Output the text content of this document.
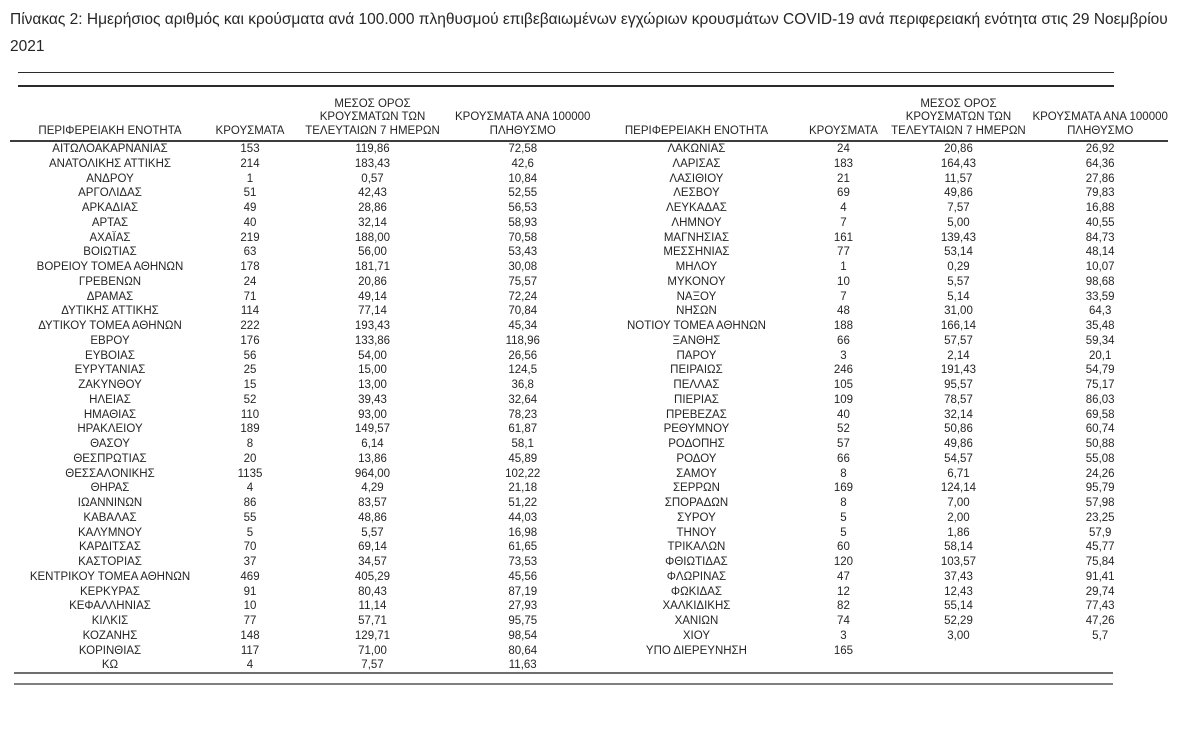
Πίνακας 2: Ημερήσιος αριθμός και κρούσματα ανά 100.000 πληθυσμού επιβεβαιωμένων εγχώριων κρουσμάτων COVID-19 ανά περιφερειακή ενότητα στις 29 Νοεμβρίου 2021
ΠΕΡΙΦΕΡΕΙΑΚΗ ΕΝΟΤΗΤΑ	ΚΡΟΥΣΜΑΤΑ	
ΜΕΣΟΣ ΟΡΟΣ
ΚΡΟΥΣΜΑΤΩΝ ΤΩΝ
ΤΕΛΕΥΤΑΙΩΝ 7 ΗΜΕΡΩΝ

ΚΡΟΥΣΜΑΤΑ ΑΝΑ 100000
ΠΛΗΘΥΣΜΟ

ΑΙΤΩΛΟΑΚΑΡΝΑΝΙΑΣ	153	119,86	72,58
ΑΝΑΤΟΛΙΚΗΣ ΑΤΤΙΚΗΣ	214	183,43	42,6
ΑΝΔΡΟΥ	1	0,57	10,84
ΑΡΓΟΛΙΔΑΣ	51	42,43	52,55
ΑΡΚΑΔΙΑΣ	49	28,86	56,53
ΑΡΤΑΣ	40	32,14	58,93
ΑΧΑΪΑΣ	219	188,00	70,58
ΒΟΙΩΤΙΑΣ	63	56,00	53,43
ΒΟΡΕΙΟΥ ΤΟΜΕΑ ΑΘΗΝΩΝ	178	181,71	30,08
ΓΡΕΒΕΝΩΝ	24	20,86	75,57
ΔΡΑΜΑΣ	71	49,14	72,24
ΔΥΤΙΚΗΣ ΑΤΤΙΚΗΣ	114	77,14	70,84
ΔΥΤΙΚΟΥ ΤΟΜΕΑ ΑΘΗΝΩΝ	222	193,43	45,34
ΕΒΡΟΥ	176	133,86	118,96
ΕΥΒΟΙΑΣ	56	54,00	26,56
ΕΥΡΥΤΑΝΙΑΣ	25	15,00	124,5
ΖΑΚΥΝΘΟΥ	15	13,00	36,8
ΗΛΕΙΑΣ	52	39,43	32,64
ΗΜΑΘΙΑΣ	110	93,00	78,23
ΗΡΑΚΛΕΙΟΥ	189	149,57	61,87
ΘΑΣΟΥ	8	6,14	58,1
ΘΕΣΠΡΩΤΙΑΣ	20	13,86	45,89
ΘΕΣΣΑΛΟΝΙΚΗΣ	1135	964,00	102,22
ΘΗΡΑΣ	4	4,29	21,18
ΙΩΑΝΝΙΝΩΝ	86	83,57	51,22
ΚΑΒΑΛΑΣ	55	48,86	44,03
ΚΑΛΥΜΝΟΥ	5	5,57	16,98
ΚΑΡΔΙΤΣΑΣ	70	69,14	61,65
ΚΑΣΤΟΡΙΑΣ	37	34,57	73,53
ΚΕΝΤΡΙΚΟΥ ΤΟΜΕΑ ΑΘΗΝΩΝ	469	405,29	45,56
ΚΕΡΚΥΡΑΣ	91	80,43	87,19
ΚΕΦΑΛΛΗΝΙΑΣ	10	11,14	27,93
ΚΙΛΚΙΣ	77	57,71	95,75
ΚΟΖΑΝΗΣ	148	129,71	98,54
ΚΟΡΙΝΘΙΑΣ	117	71,00	80,64
ΚΩ	4	7,57	11,63
ΠΕΡΙΦΕΡΕΙΑΚΗ ΕΝΟΤΗΤΑ	ΚΡΟΥΣΜΑΤΑ	
ΜΕΣΟΣ ΟΡΟΣ
ΚΡΟΥΣΜΑΤΩΝ ΤΩΝ
ΤΕΛΕΥΤΑΙΩΝ 7 ΗΜΕΡΩΝ

ΚΡΟΥΣΜΑΤΑ ΑΝΑ 100000
ΠΛΗΘΥΣΜΟ

ΛΑΚΩΝΙΑΣ	24	20,86	26,92
ΛΑΡΙΣΑΣ	183	164,43	64,36
ΛΑΣΙΘΙΟΥ	21	11,57	27,86
ΛΕΣΒΟΥ	69	49,86	79,83
ΛΕΥΚΑΔΑΣ	4	7,57	16,88
ΛΗΜΝΟΥ	7	5,00	40,55
ΜΑΓΝΗΣΙΑΣ	161	139,43	84,73
ΜΕΣΣΗΝΙΑΣ	77	53,14	48,14
ΜΗΛΟΥ	1	0,29	10,07
ΜΥΚΟΝΟΥ	10	5,57	98,68
ΝΑΞΟΥ	7	5,14	33,59
ΝΗΣΩΝ	48	31,00	64,3
ΝΟΤΙΟΥ ΤΟΜΕΑ ΑΘΗΝΩΝ	188	166,14	35,48
ΞΑΝΘΗΣ	66	57,57	59,34
ΠΑΡΟΥ	3	2,14	20,1
ΠΕΙΡΑΙΩΣ	246	191,43	54,79
ΠΕΛΛΑΣ	105	95,57	75,17
ΠΙΕΡΙΑΣ	109	78,57	86,03
ΠΡΕΒΕΖΑΣ	40	32,14	69,58
ΡΕΘΥΜΝΟΥ	52	50,86	60,74
ΡΟΔΟΠΗΣ	57	49,86	50,88
ΡΟΔΟΥ	66	54,57	55,08
ΣΑΜΟΥ	8	6,71	24,26
ΣΕΡΡΩΝ	169	124,14	95,79
ΣΠΟΡΑΔΩΝ	8	7,00	57,98
ΣΥΡΟΥ	5	2,00	23,25
ΤΗΝΟΥ	5	1,86	57,9
ΤΡΙΚΑΛΩΝ	60	58,14	45,77
ΦΘΙΩΤΙΔΑΣ	120	103,57	75,84
ΦΛΩΡΙΝΑΣ	47	37,43	91,41
ΦΩΚΙΔΑΣ	12	12,43	29,74
ΧΑΛΚΙΔΙΚΗΣ	82	55,14	77,43
ΧΑΝΙΩΝ	74	52,29	47,26
ΧΙΟΥ	3	3,00	5,7
ΥΠΟ ΔΙΕΡΕΥΝΗΣΗ	165		
